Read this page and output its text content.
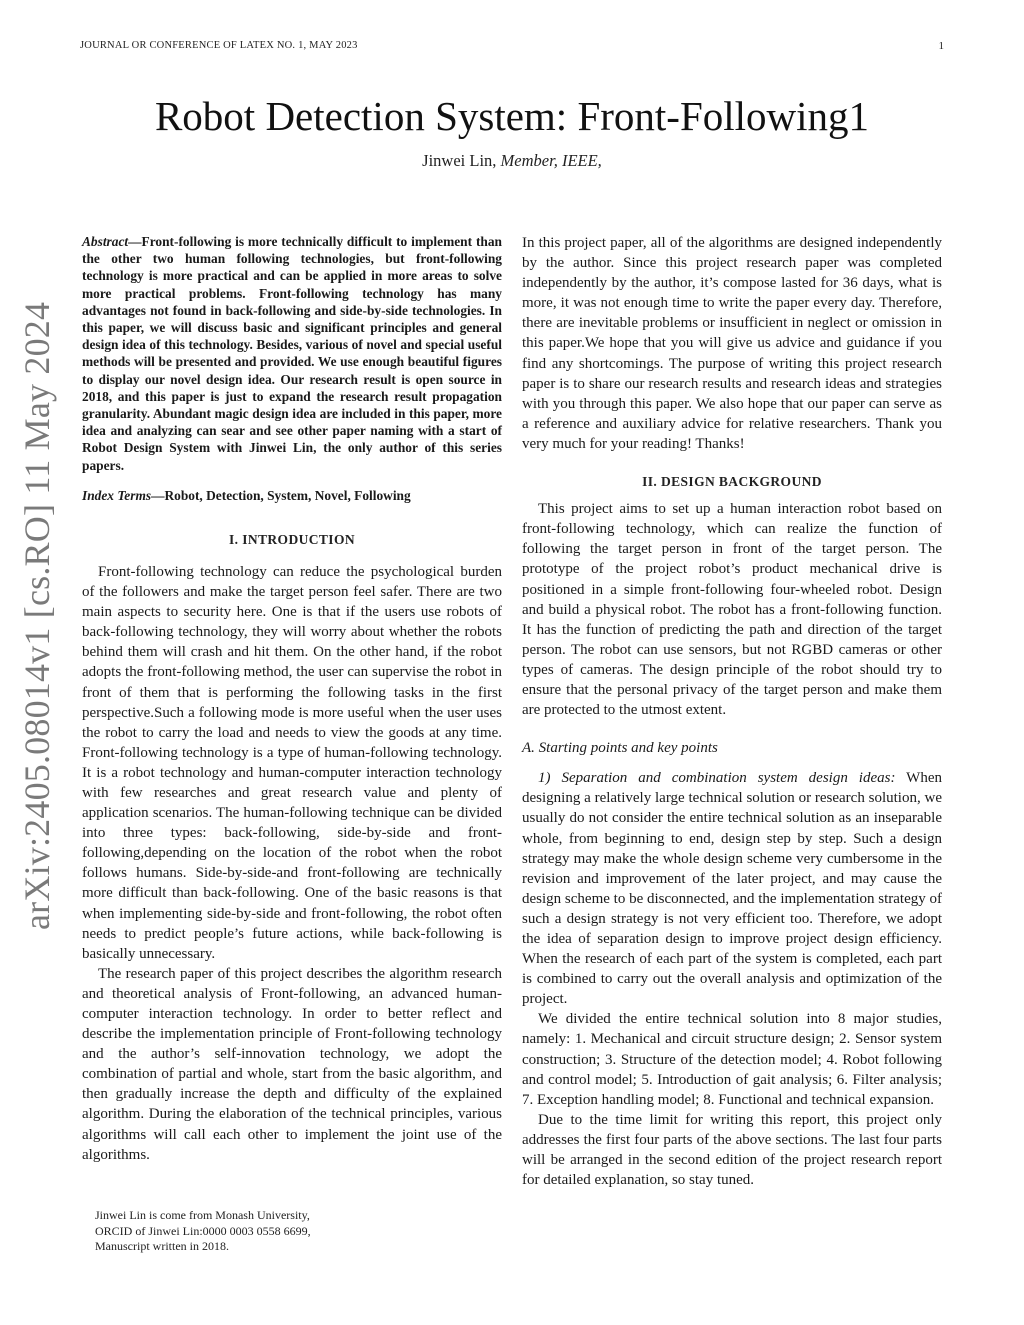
JOURNAL OR CONFERENCE OF LATEX NO. 1, MAY 2023	1
Robot Detection System: Front-Following1
Jinwei Lin, Member, IEEE,
arXiv:2405.08014v1 [cs.RO] 11 May 2024

Abstract—Front-following is more technically difficult to implement than the other two human following technologies, but front-following technology is more practical and can be applied in more areas to solve more practical problems. Front-following technology has many advantages not found in back-following and side-by-side technologies. In this paper, we will discuss basic and significant principles and general design idea of this technology. Besides, various of novel and special useful methods will be presented and provided. We use enough beautiful figures to display our novel design idea. Our research result is open source in 2018, and this paper is just to expand the research result propagation granularity. Abundant magic design idea are included in this paper, more idea and analyzing can sear and see other paper naming with a start of Robot Design System with Jinwei Lin, the only author of this series papers.

Index Terms—Robot, Detection, System, Novel, Following

I. INTRODUCTION

Front-following technology can reduce the psychological burden of the followers and make the target person feel safer. There are two main aspects to security here. One is that if the users use robots of back-following technology, they will worry about whether the robots behind them will crash and hit them. On the other hand, if the robot adopts the front-following method, the user can supervise the robot in front of them that is performing the following tasks in the first perspective.Such a following mode is more useful when the user uses the robot to carry the load and needs to view the goods at any time. Front-following technology is a type of human-following technology. It is a robot technology and human-computer interaction technology with few researches and great research value and plenty of application scenarios. The human-following technique can be divided into three types: back-following, side-by-side and front-following,depending on the location of the robot when the robot follows humans. Side-by-side-and front-following are technically more difficult than back-following. One of the basic reasons is that when implementing side-by-side and front-following, the robot often needs to predict people’s future actions, while back-following is basically unnecessary.

The research paper of this project describes the algorithm research and theoretical analysis of Front-following, an advanced human-computer interaction technology. In order to better reflect and describe the implementation principle of Front-following technology and the author’s self-innovation technology, we adopt the combination of partial and whole, start from the basic algorithm, and then gradually increase the depth and difficulty of the explained algorithm. During the elaboration of the technical principles, various algorithms will call each other to implement the joint use of the algorithms.

Jinwei Lin is come from Monash University,
ORCID of Jinwei Lin:0000 0003 0558 6699,
Manuscript written in 2018.

In this project paper, all of the algorithms are designed independently by the author. Since this project research paper was completed independently by the author, it’s compose lasted for 36 days, what is more, it was not enough time to write the paper every day. Therefore, there are inevitable problems or insufficient in neglect or omission in this paper.We hope that you will give us advice and guidance if you find any shortcomings. The purpose of writing this project research paper is to share our research results and research ideas and strategies with you through this paper. We also hope that our paper can serve as a reference and auxiliary advice for relative researchers. Thank you very much for your reading! Thanks!

II. DESIGN BACKGROUND

This project aims to set up a human interaction robot based on front-following technology, which can realize the function of following the target person in front of the target person. The prototype of the project robot’s product mechanical drive is positioned in a simple front-following four-wheeled robot. Design and build a physical robot. The robot has a front-following function. It has the function of predicting the path and direction of the target person. The robot can use sensors, but not RGBD cameras or other types of cameras. The design principle of the robot should try to ensure that the personal privacy of the target person and make them are protected to the utmost extent.

A. Starting points and key points

1) Separation and combination system design ideas: When designing a relatively large technical solution or research solution, we usually do not consider the entire technical solution as an inseparable whole, from beginning to end, design step by step. Such a design strategy may make the whole design scheme very cumbersome in the revision and improvement of the later project, and may cause the design scheme to be disconnected, and the implementation strategy of such a design strategy is not very efficient too. Therefore, we adopt the idea of separation design to improve project design efficiency. When the research of each part of the system is completed, each part is combined to carry out the overall analysis and optimization of the project.

We divided the entire technical solution into 8 major studies, namely: 1. Mechanical and circuit structure design; 2. Sensor system construction; 3. Structure of the detection model; 4. Robot following and control model; 5. Introduction of gait analysis; 6. Filter analysis; 7. Exception handling model; 8. Functional and technical expansion.

Due to the time limit for writing this report, this project only addresses the first four parts of the above sections. The last four parts will be arranged in the second edition of the project research report for detailed explanation, so stay tuned.
